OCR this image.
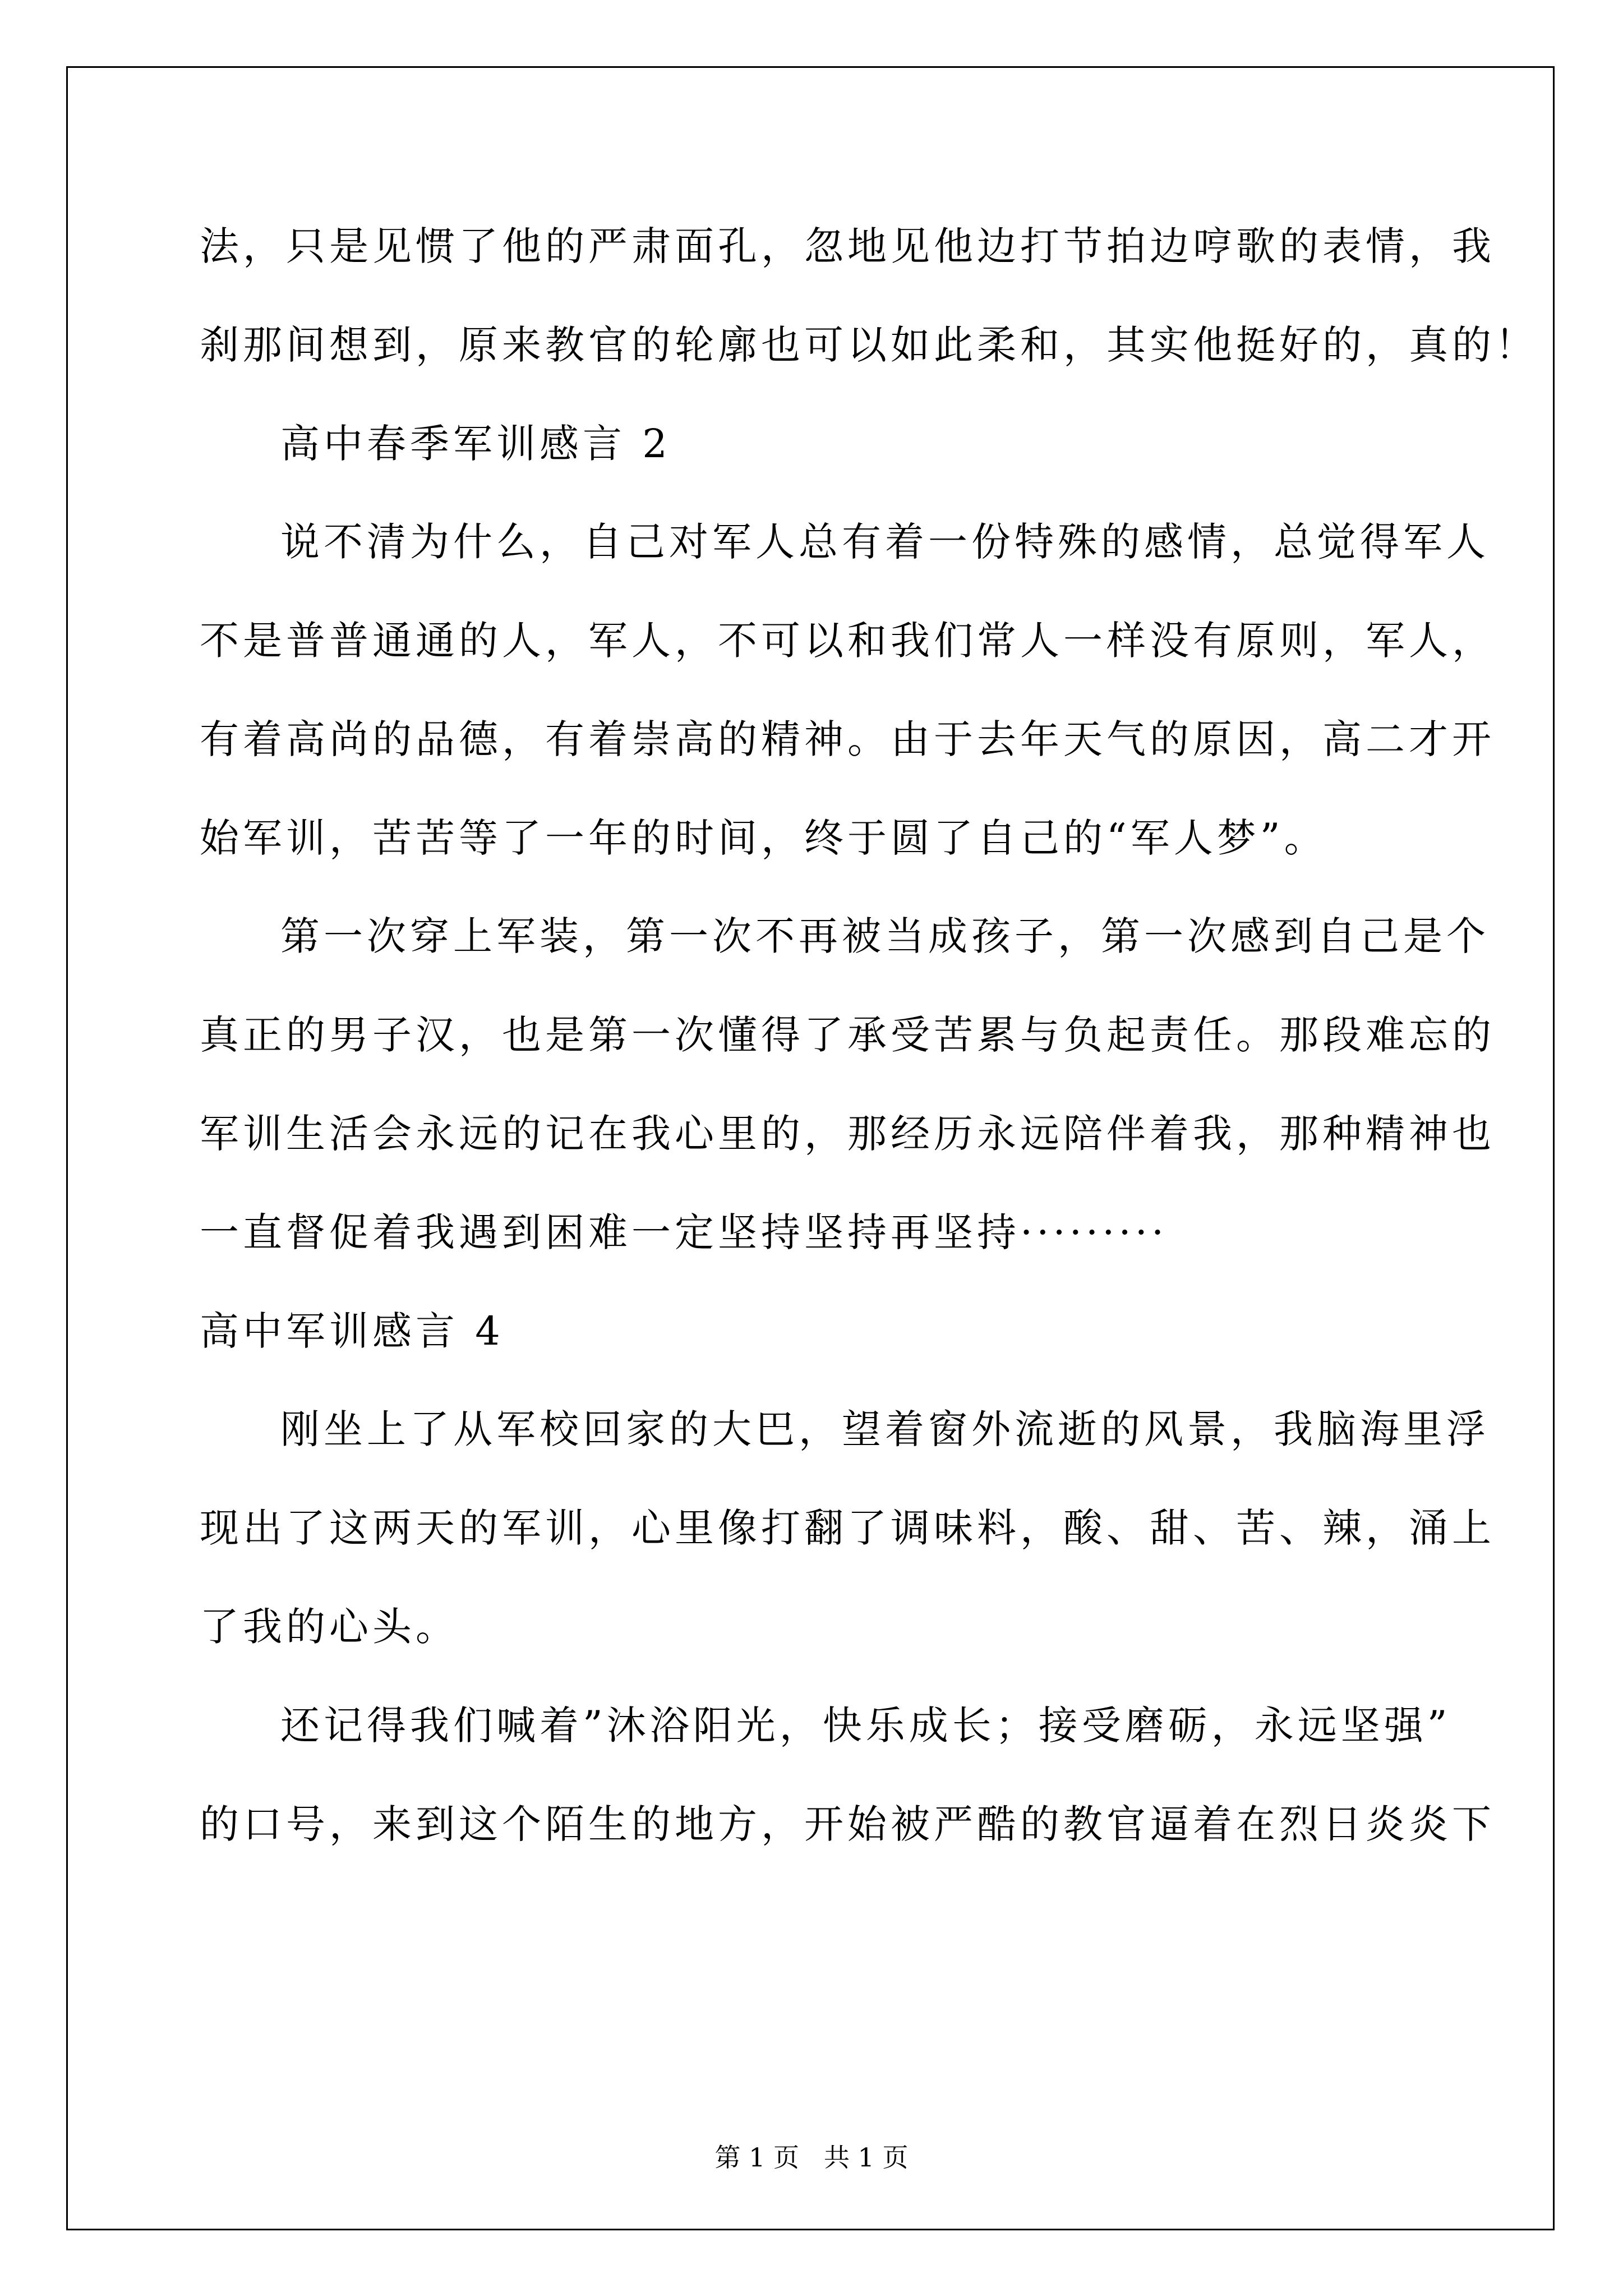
法，只是见惯了他的严肃面孔，忽地见他边打节拍边哼歌的表情，我
刹那间想到，原来教官的轮廓也可以如此柔和，其实他挺好的，真的！
高中春季军训感言 2
说不清为什么，自己对军人总有着一份特殊的感情，总觉得军人
不是普普通通的人，军人，不可以和我们常人一样没有原则，军人，
有着高尚的品德，有着崇高的精神。由于去年天气的原因，高二才开
始军训，苦苦等了一年的时间，终于圆了自己的“军人梦”。
第一次穿上军装，第一次不再被当成孩子，第一次感到自己是个
真正的男子汉，也是第一次懂得了承受苦累与负起责任。那段难忘的
军训生活会永远的记在我心里的，那经历永远陪伴着我，那种精神也
一直督促着我遇到困难一定坚持坚持再坚持·········
高中军训感言 4
刚坐上了从军校回家的大巴，望着窗外流逝的风景，我脑海里浮
现出了这两天的军训，心里像打翻了调味料，酸、甜、苦、辣，涌上
了我的心头。
还记得我们喊着”沐浴阳光，快乐成长；接受磨砺，永远坚强”
的口号，来到这个陌生的地方，开始被严酷的教官逼着在烈日炎炎下
第 1 页 共 1 页
